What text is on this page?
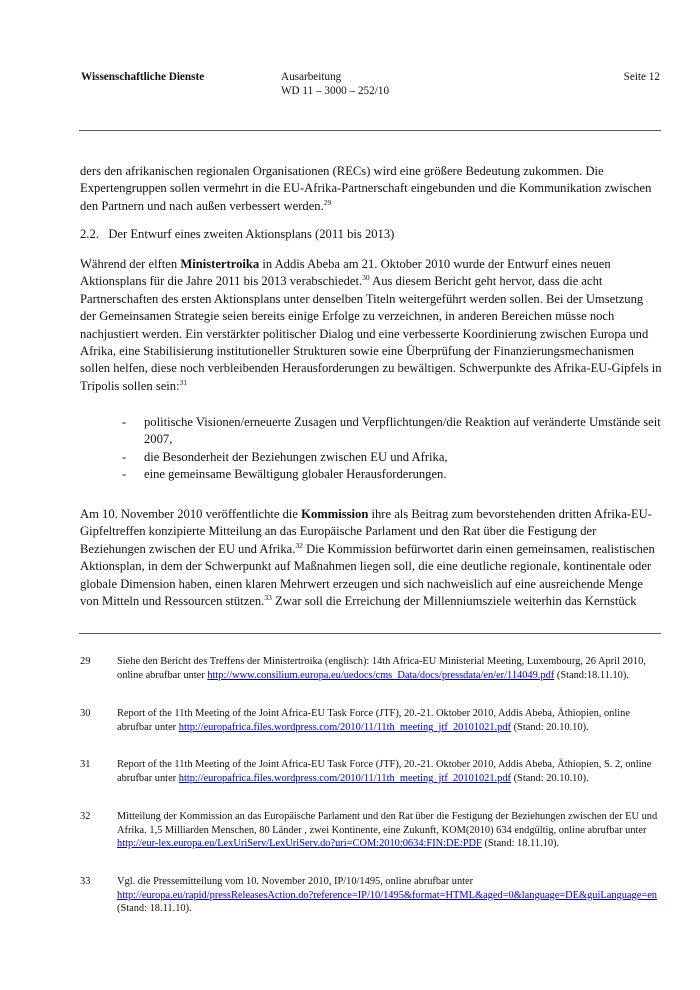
Wissenschaftliche Dienste	Ausarbeitung
WD 11 – 3000 – 252/10
Seite 12

ders den afrikanischen regionalen Organisationen (RECs) wird eine größere Bedeutung zukommen. Die Expertengruppen sollen vermehrt in die EU-Afrika-Partnerschaft eingebunden und die Kommunikation zwischen den Partnern und nach außen verbessert werden.$^{29}$

2.2.   Der Entwurf eines zweiten Aktionsplans (2011 bis 2013)

Während der elften Ministertroika in Addis Abeba am 21. Oktober 2010 wurde der Entwurf eines neuen Aktionsplans für die Jahre 2011 bis 2013 verabschiedet.$^{30}$ Aus diesem Bericht geht hervor, dass die acht Partnerschaften des ersten Aktionsplans unter denselben Titeln weitergeführt werden sollen. Bei der Umsetzung der Gemeinsamen Strategie seien bereits einige Erfolge zu verzeichnen, in anderen Bereichen müsse noch nachjustiert werden. Ein verstärkter politischer Dialog und eine verbesserte Koordinierung zwischen Europa und Afrika, eine Stabilisierung institutioneller Strukturen sowie eine Überprüfung der Finanzierungsmechanismen sollen helfen, diese noch verbleibenden Herausforderungen zu bewältigen. Schwerpunkte des Afrika-EU-Gipfels in Tripolis sollen sein:$^{31}$

- politische Visionen/erneuerte Zusagen und Verpflichtungen/die Reaktion auf veränderte Umstände seit 2007,
- die Besonderheit der Beziehungen zwischen EU und Afrika,
- eine gemeinsame Bewältigung globaler Herausforderungen.

Am 10. November 2010 veröffentlichte die Kommission ihre als Beitrag zum bevorstehenden dritten Afrika-EU-Gipfeltreffen konzipierte Mitteilung an das Europäische Parlament und den Rat über die Festigung der Beziehungen zwischen der EU und Afrika.$^{32}$ Die Kommission befürwortet darin einen gemeinsamen, realistischen Aktionsplan, in dem der Schwerpunkt auf Maßnahmen liegen soll, die eine deutliche regionale, kontinentale oder globale Dimension haben, einen klaren Mehrwert erzeugen und sich nachweislich auf eine ausreichende Menge von Mitteln und Ressourcen stützen.$^{33}$ Zwar soll die Erreichung der Millenniumsziele weiterhin das Kernstück

29	Siehe den Bericht des Treffens der Ministertroika (englisch): 14th Africa-EU Ministerial Meeting, Luxembourg, 26 April 2010, online abrufbar unter http://www.consilium.europa.eu/uedocs/cms_Data/docs/pressdata/en/er/114049.pdf (Stand:18.11.10).
30	Report of the 11th Meeting of the Joint Africa-EU Task Force (JTF), 20.-21. Oktober 2010, Addis Abeba, Äthiopien, online abrufbar unter http://europafrica.files.wordpress.com/2010/11/11th_meeting_jtf_20101021.pdf (Stand: 20.10.10).
31	Report of the 11th Meeting of the Joint Africa-EU Task Force (JTF), 20.-21. Oktober 2010, Addis Abeba, Äthiopien, S. 2, online abrufbar unter http://europafrica.files.wordpress.com/2010/11/11th_meeting_jtf_20101021.pdf (Stand: 20.10.10).
32	Mitteilung der Kommission an das Europäische Parlament und den Rat über die Festigung der Beziehungen zwischen der EU und Afrika. 1,5 Milliarden Menschen, 80 Länder , zwei Kontinente, eine Zukunft, KOM(2010) 634 endgültig, online abrufbar unter http://eur-lex.europa.eu/LexUriServ/LexUriServ.do?uri=COM:2010:0634:FIN:DE:PDF (Stand: 18.11.10).
33	Vgl. die Pressemitteilung vom 10. November 2010, IP/10/1495, online abrufbar unter http://europa.eu/rapid/pressReleasesAction.do?reference=IP/10/1495&format=HTML&aged=0&language=DE&guiLanguage=en (Stand: 18.11.10).
